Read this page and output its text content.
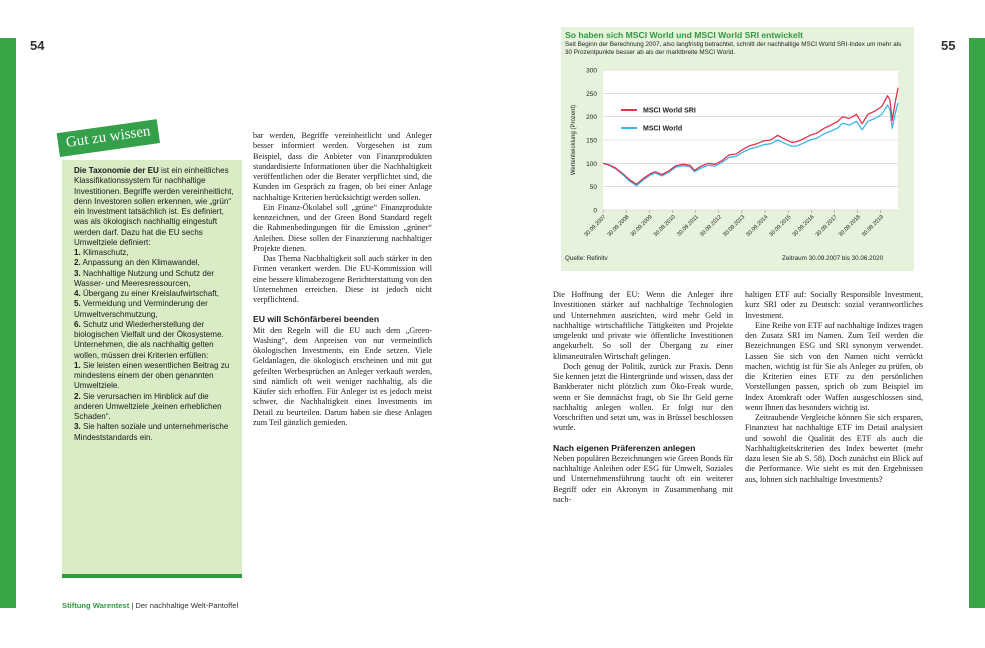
54	55
Gut zu wissen

Die Taxonomie der EU ist ein einheitliches Klassifikationssystem für nachhaltige Investitionen. Begriffe werden vereinheitlicht, denn Investoren sollen erkennen, wie „grün“ ein Investment tatsächlich ist. Es definiert, was als ökologisch nachhaltig eingestuft werden darf. Dazu hat die EU sechs Umweltziele definiert:

1. Klimaschutz,

2. Anpassung an den Klimawandel,

3. Nachhaltige Nutzung und Schutz der Wasser- und Meeresressourcen,

4. Übergang zu einer Kreislaufwirtschaft,

5. Vermeidung und Verminderung der Umweltverschmutzung,

6. Schutz und Wiederherstellung der biologischen Vielfalt und der Ökosysteme.

Unternehmen, die als nachhaltig gelten wollen, müssen drei Kriterien erfüllen:

1. Sie leisten einen wesentlichen Beitrag zu mindestens einem der oben genannten Umweltziele.

2. Sie verursachen im Hinblick auf die anderen Umweltziele „keinen erheblichen Schaden“.

3. Sie halten soziale und unternehmerische Mindeststandards ein.

bar werden, Begriffe vereinheitlicht und Anleger besser informiert werden. Vorgesehen ist zum Beispiel, dass die Anbieter von Finanzprodukten standardisierte Informationen über die Nachhaltigkeit veröffentlichen oder die Berater verpflichtet sind, die Kunden im Gespräch zu fragen, ob bei einer Anlage nachhaltige Kriterien berücksichtigt werden sollen.

Ein Finanz-Ökolabel soll „grüne“ Finanzprodukte kennzeichnen, und der Green Bond Standard regelt die Rahmenbedingungen für die Emission „grüner“ Anleihen. Diese sollen der Finanzierung nachhaltiger Projekte dienen.

Das Thema Nachhaltigkeit soll auch stärker in den Firmen verankert werden. Die EU-Kommission will eine bessere klimabezogene Berichterstattung von den Unternehmen erreichen. Diese ist jedoch nicht verpflichtend.

EU will Schönfärberei beenden

Mit den Regeln will die EU auch dem „Green-Washing“, dem Anpreisen von nur vermeintlich ökologischen Investments, ein Ende setzen. Viele Geldanlagen, die ökologisch erscheinen und mit gut gefeilten Werbesprüchen an Anleger verkauft werden, sind nämlich oft weit weniger nachhaltig, als die Käufer sich erhoffen. Für Anleger ist es jedoch meist schwer, die Nachhaltigkeit eines Investments im Detail zu beurteilen. Darum haben sie diese Anlagen zum Teil gänzlich gemieden.

So haben sich MSCI World und MSCI World SRI entwickelt
Seit Beginn der Berechnung 2007, also langfristig betrachtet, schnitt der nachhaltige MSCI World SRI-Index um mehr als 30 Prozentpunkte besser ab als der marktbreite MSCI World.
0
50
100
150
200
250
300
Wertentwicklung (Prozent)
30.09.2007 30.09.2008 30.09.2009 30.09.2010 30.09.2011 30.09.2012 30.09.2013 30.09.2014 30.09.2015 30.09.2016 30.09.2017 30.09.2018 30.09.2019
MSCI World SRI
MSCI World
Quelle: Refinitv	Zeitraum 30.09.2007 bis 30.06.2020

Die Hoffnung der EU: Wenn die Anleger ihre Investitionen stärker auf nachhaltige Technologien und Unternehmen ausrichten, wird mehr Geld in nachhaltige wirtschaftliche Tätigkeiten und Projekte umgelenkt und private wie öffentliche Investitionen angekurbelt. So soll der Übergang zu einer klimaneutralen Wirtschaft gelingen.

Doch genug der Politik, zurück zur Praxis. Denn Sie kennen jetzt die Hintergründe und wissen, dass der Bankberater nicht plötzlich zum Öko-Freak wurde, wenn er Sie demnächst fragt, ob Sie Ihr Geld gerne nachhaltig anlegen wollen. Er folgt nur den Vorschriften und setzt um, was in Brüssel beschlossen wurde.

Nach eigenen Präferenzen anlegen

Neben populären Bezeichnungen wie Green Bonds für nachhaltige Anleihen oder ESG für Umwelt, Soziales und Unternehmensführung taucht oft ein weiterer Begriff oder ein Akronym in Zusammenhang mit nach-

haltigen ETF auf: Socially Responsible Investment, kurz SRI oder zu Deutsch: sozial verantwortliches Investment.

Eine Reihe von ETF auf nachhaltige Indizes tragen den Zusatz SRI im Namen. Zum Teil werden die Bezeichnungen ESG und SRI synonym verwendet. Lassen Sie sich von den Namen nicht verrückt machen, wichtig ist für Sie als Anleger zu prüfen, ob die Kriterien eines ETF zu den persönlichen Vorstellungen passen, sprich ob zum Beispiel im Index Atomkraft oder Waffen ausgeschlossen sind, wenn Ihnen das besonders wichtig ist.

Zeitraubende Vergleiche können Sie sich ersparen, Finanztest hat nachhaltige ETF im Detail analysiert und sowohl die Qualität des ETF als auch die Nachhaltigkeitskriterien des Index bewertet (mehr dazu lesen Sie ab S. 58). Doch zunächst ein Blick auf die Performance. Wie sieht es mit den Ergebnissen aus, lohnen sich nachhaltige Investments?

Stiftung Warentest | Der nachhaltige Welt-Pantoffel
